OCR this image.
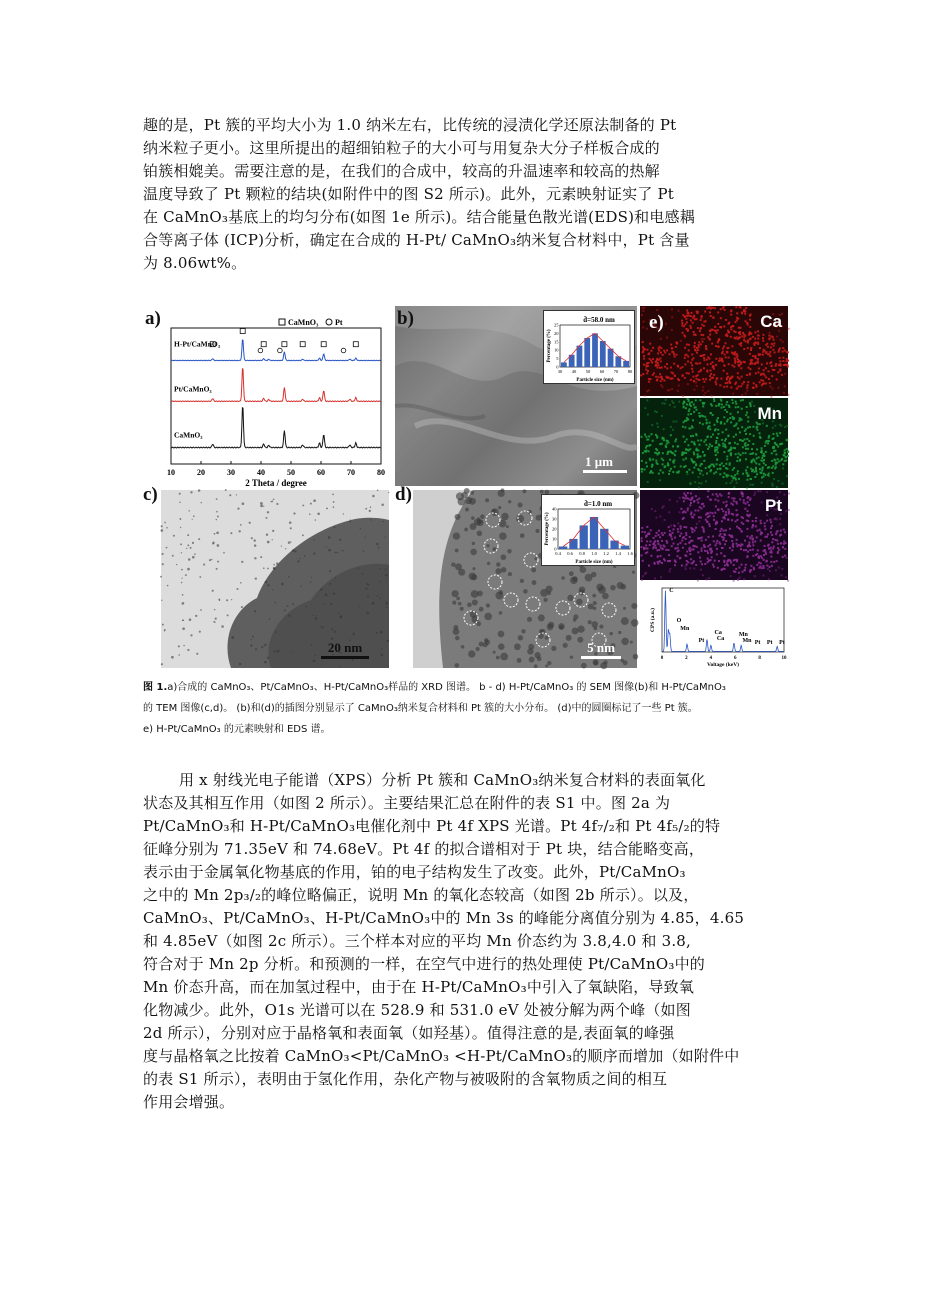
趣的是，Pt 簇的平均大小为 1.0 纳米左右，比传统的浸渍化学还原法制备的 Pt
纳米粒子更小。这里所提出的超细铂粒子的大小可与用复杂大分子样板合成的
铂簇相媲美。需要注意的是，在我们的合成中，较高的升温速率和较高的热解
温度导致了 Pt 颗粒的结块(如附件中的图 S2 所示)。此外，元素映射证实了 Pt
在 CaMnO₃基底上的均匀分布(如图 1e 所示)。结合能量色散光谱(EDS)和电感耦
合等离子体 (ICP)分析，确定在合成的 H-Pt/ CaMnO₃纳米复合材料中，Pt 含量
为 8.06wt%。
a)
10	20	30	40	50	60	70	80
2 Theta / degree
CaMnO₃ Pt
H-Pt/CaMnO₃
Pt/CaMnO₃
CaMnO₃
b)	d̄=58.0 nm
Particle size (nm)
Percentage (%)
30 40 50 60 70 80
0
5
10
15
20
25
1 μm
c)
20 nm
d)	d̄=1.0 nm
Particle size (nm)
Percentage (%)
0.4 0.6 0.8 1.0 1.2 1.4 1.6
0
10
20
30
40
5 nm
e)	Ca
Mn
Pt
C
O
Mn
Pt
Ca
Ca
Mn
Mn Pt Pt Pt
0	2	4	6	8	10
Voltage (keV)
CPS (a.u.)
图 1.a)合成的 CaMnO₃、Pt/CaMnO₃、H-Pt/CaMnO₃样品的 XRD 图谱。 b - d) H-Pt/CaMnO₃ 的 SEM 图像(b)和 H-Pt/CaMnO₃
的 TEM 图像(c,d)。 (b)和(d)的插图分别显示了 CaMnO₃纳米复合材料和 Pt 簇的大小分布。 (d)中的圆圈标记了一些 Pt 簇。
e) H-Pt/CaMnO₃ 的元素映射和 EDS 谱。
用 x 射线光电子能谱（XPS）分析 Pt 簇和 CaMnO₃纳米复合材料的表面氧化
状态及其相互作用（如图 2 所示）。主要结果汇总在附件的表 S1 中。图 2a 为
Pt/CaMnO₃和 H-Pt/CaMnO₃电催化剂中 Pt 4f XPS 光谱。Pt 4f₇/₂和 Pt 4f₅/₂的特
征峰分别为 71.35eV 和 74.68eV。Pt 4f 的拟合谱相对于 Pt 块，结合能略变高，
表示由于金属氧化物基底的作用，铂的电子结构发生了改变。此外，Pt/CaMnO₃
之中的 Mn 2p₃/₂的峰位略偏正，说明 Mn 的氧化态较高（如图 2b 所示）。以及，
CaMnO₃、Pt/CaMnO₃、H-Pt/CaMnO₃中的 Mn 3s 的峰能分离值分别为 4.85，4.65
和 4.85eV（如图 2c 所示）。三个样本对应的平均 Mn 价态约为 3.8,4.0 和 3.8,
符合对于 Mn 2p 分析。和预测的一样，在空气中进行的热处理使 Pt/CaMnO₃中的
Mn 价态升高，而在加氢过程中，由于在 H-Pt/CaMnO₃中引入了氧缺陷，导致氧
化物减少。此外，O1s 光谱可以在 528.9 和 531.0 eV 处被分解为两个峰（如图
2d 所示），分别对应于晶格氧和表面氧（如羟基）。值得注意的是,表面氧的峰强
度与晶格氧之比按着 CaMnO₃<Pt/CaMnO₃ <H-Pt/CaMnO₃的顺序而增加（如附件中
的表 S1 所示），表明由于氢化作用，杂化产物与被吸附的含氧物质之间的相互
作用会增强。
